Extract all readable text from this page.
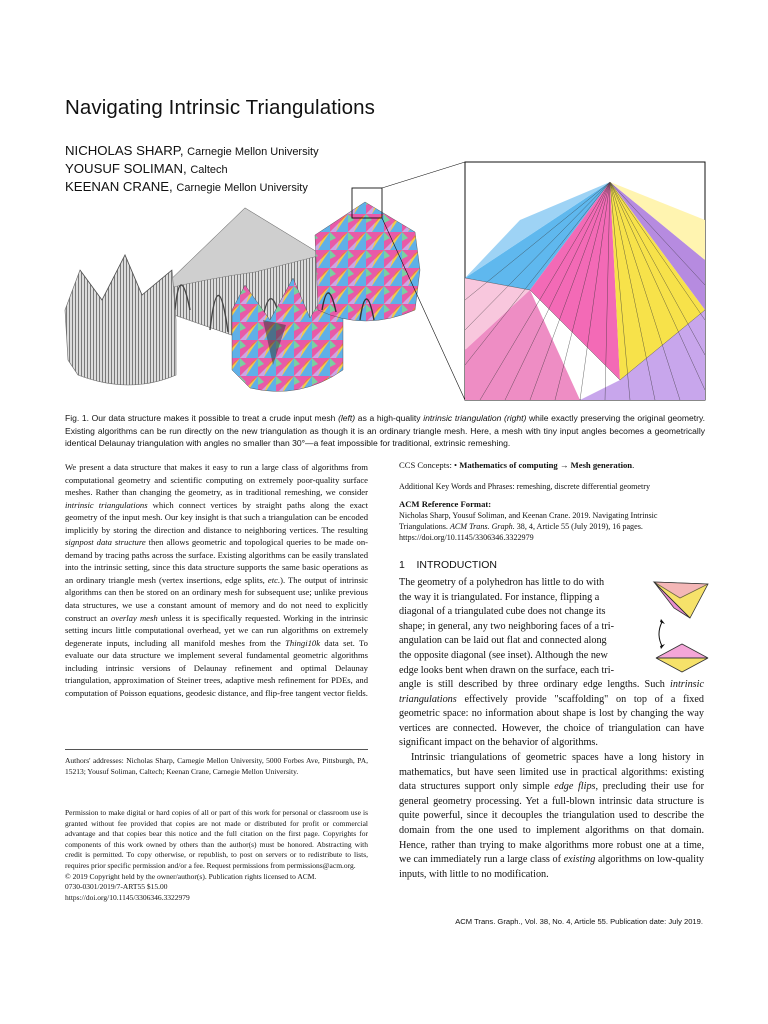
Navigating Intrinsic Triangulations
NICHOLAS SHARP, Carnegie Mellon University
YOUSUF SOLIMAN, Caltech
KEENAN CRANE, Carnegie Mellon University
Fig. 1. Our data structure makes it possible to treat a crude input mesh (left) as a high-quality intrinsic triangulation (right) while exactly preserving the original geometry. Existing algorithms can be run directly on the new triangulation as though it is an ordinary triangle mesh. Here, a mesh with tiny input angles becomes a geometrically identical Delaunay triangulation with angles no smaller than 30°—a feat impossible for traditional, extrinsic remeshing.
We present a data structure that makes it easy to run a large class of algorithms from computational geometry and scientific computing on extremely poor-quality surface meshes. Rather than changing the geometry, as in traditional remeshing, we consider intrinsic triangulations which connect vertices by straight paths along the exact geometry of the input mesh. Our key insight is that such a triangulation can be encoded implicitly by storing the direction and distance to neighboring vertices. The resulting signpost data structure then allows geometric and topological queries to be made on-demand by tracing paths across the surface. Existing algorithms can be easily translated into the intrinsic setting, since this data structure supports the same basic operations as an ordinary triangle mesh (vertex insertions, edge splits, etc.). The output of intrinsic algorithms can then be stored on an ordinary mesh for subsequent use; unlike previous data structures, we use a constant amount of memory and do not need to explicitly construct an overlay mesh unless it is specifically requested. Working in the intrinsic setting incurs little computational overhead, yet we can run algorithms on extremely degenerate inputs, including all manifold meshes from the Thingi10k data set. To evaluate our data structure we implement several fundamental geometric algorithms including intrinsic versions of Delaunay refinement and optimal Delaunay triangulation, approximation of Steiner trees, adaptive mesh refinement for PDEs, and computation of Poisson equations, geodesic distance, and flip-free tangent vector fields.
Authors' addresses: Nicholas Sharp, Carnegie Mellon University, 5000 Forbes Ave, Pittsburgh, PA, 15213; Yousuf Soliman, Caltech; Keenan Crane, Carnegie Mellon University.
Permission to make digital or hard copies of all or part of this work for personal or classroom use is granted without fee provided that copies are not made or distributed for profit or commercial advantage and that copies bear this notice and the full citation on the first page. Copyrights for components of this work owned by others than the author(s) must be honored. Abstracting with credit is permitted. To copy otherwise, or republish, to post on servers or to redistribute to lists, requires prior specific permission and/or a fee. Request permissions from permissions@acm.org.
© 2019 Copyright held by the owner/author(s). Publication rights licensed to ACM.
0730-0301/2019/7-ART55 $15.00
https://doi.org/10.1145/3306346.3322979
CCS Concepts: • Mathematics of computing → Mesh generation.
Additional Key Words and Phrases: remeshing, discrete differential geometry
ACM Reference Format:
Nicholas Sharp, Yousuf Soliman, and Keenan Crane. 2019. Navigating Intrinsic Triangulations. ACM Trans. Graph. 38, 4, Article 55 (July 2019), 16 pages. https://doi.org/10.1145/3306346.3322979
1 INTRODUCTION
The geometry of a polyhedron has little to do with
the way it is triangulated. For instance, flipping a
diagonal of a triangulated cube does not change its
shape; in general, any two neighboring faces of a tri-
angulation can be laid out flat and connected along
the opposite diagonal (see inset). Although the new
edge looks bent when drawn on the surface, each tri-
angle is still described by three ordinary edge lengths. Such intrinsic triangulations effectively provide "scaffolding" on top of a fixed geometric space: no information about shape is lost by changing the way vertices are connected. However, the choice of triangulation can have significant impact on the behavior of algorithms.
Intrinsic triangulations of geometric spaces have a long history in mathematics, but have seen limited use in practical algorithms: existing data structures support only simple edge flips, precluding their use for general geometry processing. Yet a full-blown intrinsic data structure is quite powerful, since it decouples the triangulation used to describe the domain from the one used to implement algorithms on that domain. Hence, rather than trying to make algorithms more robust one at a time, we can immediately run a large class of existing algorithms on low-quality inputs, with little to no modification.
ACM Trans. Graph., Vol. 38, No. 4, Article 55. Publication date: July 2019.
